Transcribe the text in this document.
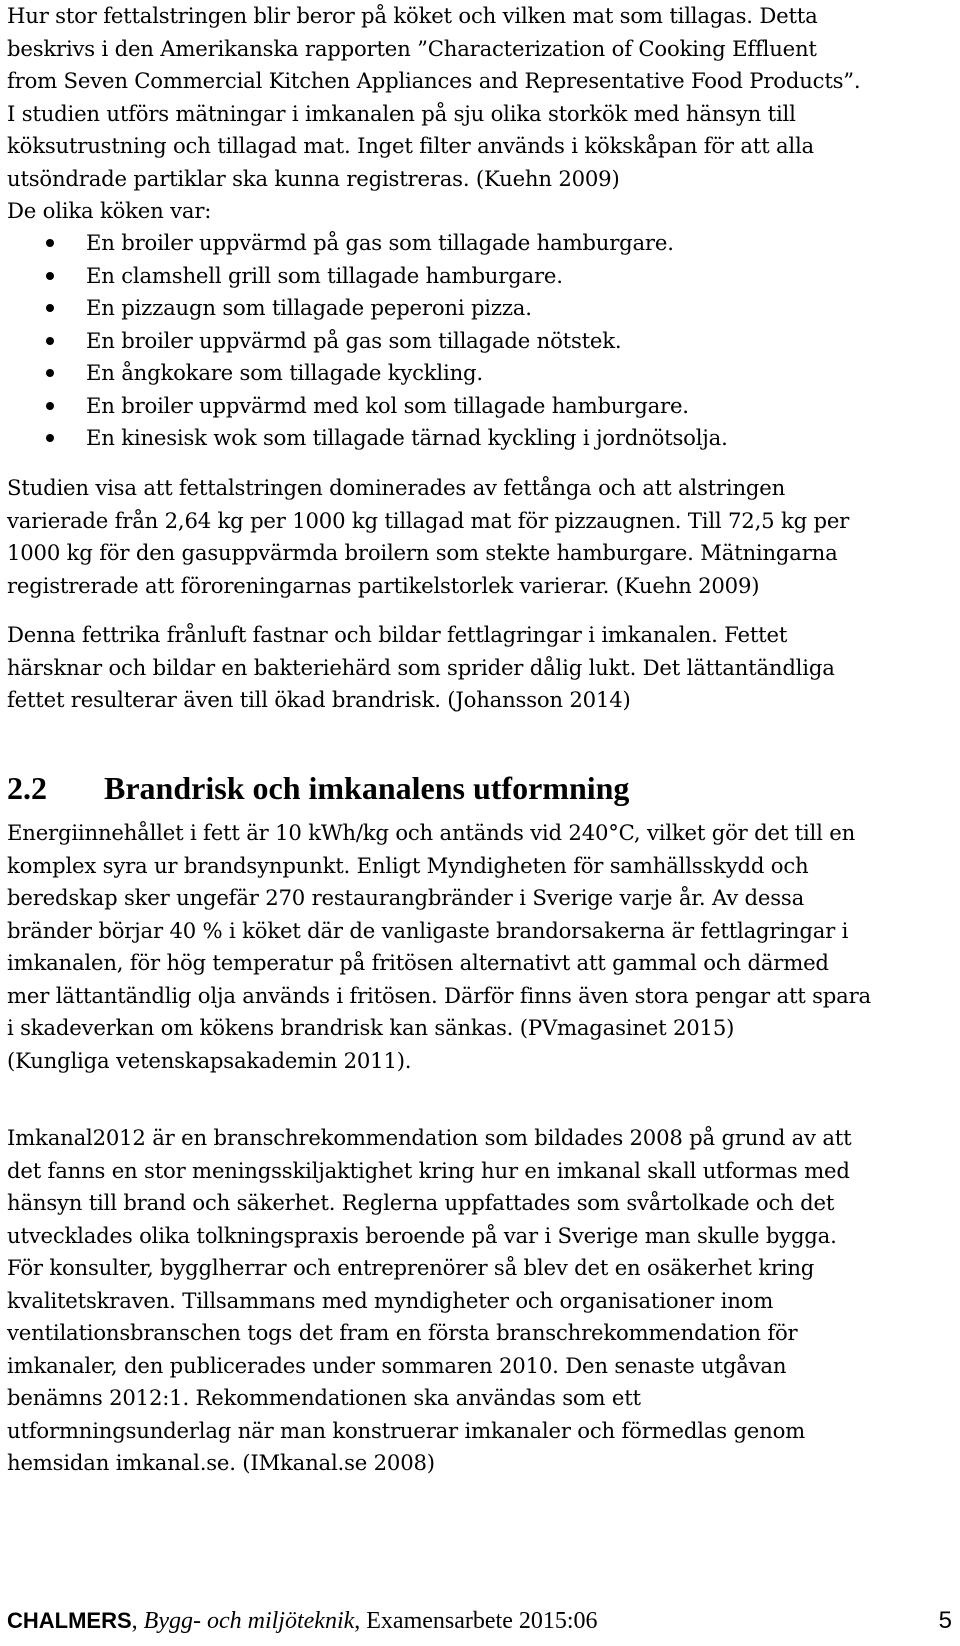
Hur stor fettalstringen blir beror på köket och vilken mat som tillagas. Detta
beskrivs i den Amerikanska rapporten ”Characterization of Cooking Effluent
from Seven Commercial Kitchen Appliances and Representative Food Products”.
I studien utförs mätningar i imkanalen på sju olika storkök med hänsyn till
köksutrustning och tillagad mat. Inget filter används i kökskåpan för att alla
utsöndrade partiklar ska kunna registreras. (Kuehn 2009)
De olika köken var:

En broiler uppvärmd på gas som tillagade hamburgare.
En clamshell grill som tillagade hamburgare.
En pizzaugn som tillagade peperoni pizza.
En broiler uppvärmd på gas som tillagade nötstek.
En ångkokare som tillagade kyckling.
En broiler uppvärmd med kol som tillagade hamburgare.
En kinesisk wok som tillagade tärnad kyckling i jordnötsolja.

Studien visa att fettalstringen dominerades av fettånga och att alstringen
varierade från 2,64 kg per 1000 kg tillagad mat för pizzaugnen. Till 72,5 kg per
1000 kg för den gasuppvärmda broilern som stekte hamburgare. Mätningarna
registrerade att föroreningarnas partikelstorlek varierar. (Kuehn 2009)

Denna fettrika frånluft fastnar och bildar fettlagringar i imkanalen. Fettet
härsknar och bildar en bakteriehärd som sprider dålig lukt. Det lättantändliga
fettet resulterar även till ökad brandrisk. (Johansson 2014)

2.2 Brandrisk och imkanalens utformning

Energiinnehållet i fett är 10 kWh/kg och antänds vid 240°C, vilket gör det till en
komplex syra ur brandsynpunkt. Enligt Myndigheten för samhällsskydd och
beredskap sker ungefär 270 restaurangbränder i Sverige varje år. Av dessa
bränder börjar 40 % i köket där de vanligaste brandorsakerna är fettlagringar i
imkanalen, för hög temperatur på fritösen alternativt att gammal och därmed
mer lättantändlig olja används i fritösen. Därför finns även stora pengar att spara
i skadeverkan om kökens brandrisk kan sänkas. (PVmagasinet 2015)
(Kungliga vetenskapsakademin 2011).

Imkanal2012 är en branschrekommendation som bildades 2008 på grund av att
det fanns en stor meningsskiljaktighet kring hur en imkanal skall utformas med
hänsyn till brand och säkerhet. Reglerna uppfattades som svårtolkade och det
utvecklades olika tolkningspraxis beroende på var i Sverige man skulle bygga.
För konsulter, bygglherrar och entreprenörer så blev det en osäkerhet kring
kvalitetskraven. Tillsammans med myndigheter och organisationer inom
ventilationsbranschen togs det fram en första branschrekommendation för
imkanaler, den publicerades under sommaren 2010. Den senaste utgåvan
benämns 2012:1. Rekommendationen ska användas som ett
utformningsunderlag när man konstruerar imkanaler och förmedlas genom
hemsidan imkanal.se. (IMkanal.se 2008)

CHALMERS, Bygg- och miljöteknik, Examensarbete 2015:06	5
